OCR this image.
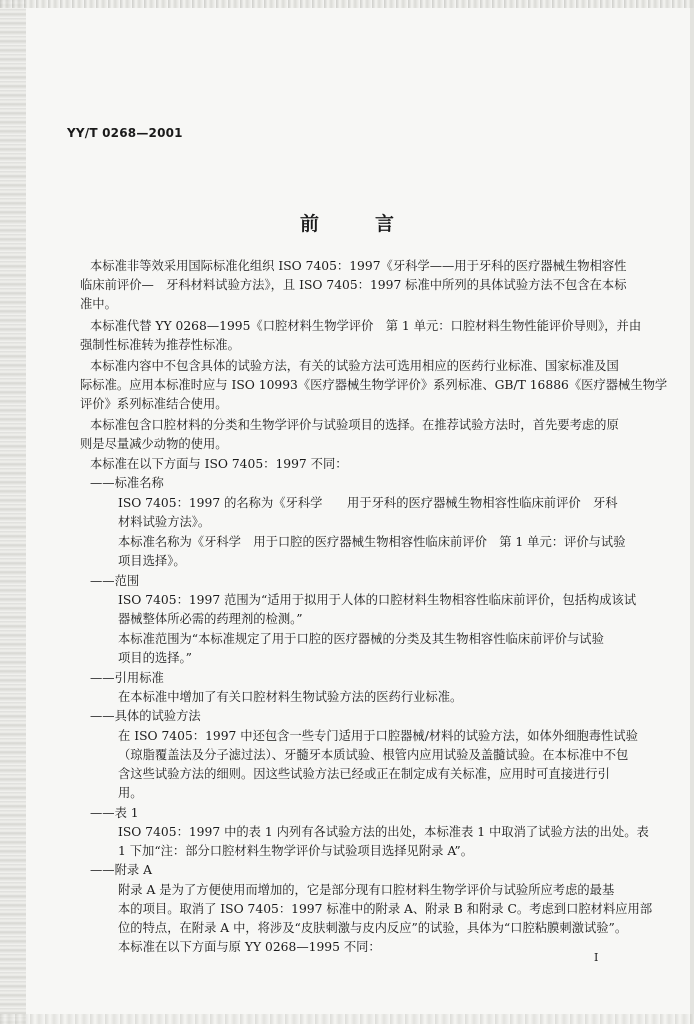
YY/T 0268—2001
前	言
本标准非等效采用国际标准化组织 ISO 7405：1997《牙科学——用于牙科的医疗器械生物相容性
临床前评价—　牙科材料试验方法》，且 ISO 7405：1997 标准中所列的具体试验方法不包含在本标
准中。
本标准代替 YY 0268—1995《口腔材料生物学评价　第 1 单元：口腔材料生物性能评价导则》，并由
强制性标准转为推荐性标准。
本标准内容中不包含具体的试验方法，有关的试验方法可选用相应的医药行业标准、国家标准及国
际标准。应用本标准时应与 ISO 10993《医疗器械生物学评价》系列标准、GB/T 16886《医疗器械生物学
评价》系列标准结合使用。
本标准包含口腔材料的分类和生物学评价与试验项目的选择。在推荐试验方法时，首先要考虑的原
则是尽量减少动物的使用。
本标准在以下方面与 ISO 7405：1997 不同：
——标准名称
ISO 7405：1997 的名称为《牙科学　　用于牙科的医疗器械生物相容性临床前评价　牙科
材料试验方法》。
本标准名称为《牙科学　用于口腔的医疗器械生物相容性临床前评价　第 1 单元：评价与试验
项目选择》。
——范围
ISO 7405：1997 范围为“适用于拟用于人体的口腔材料生物相容性临床前评价，包括构成该试
器械整体所必需的药理剂的检测。”
本标准范围为“本标准规定了用于口腔的医疗器械的分类及其生物相容性临床前评价与试验
项目的选择。”
——引用标准
在本标准中增加了有关口腔材料生物试验方法的医药行业标准。
——具体的试验方法
在 ISO 7405：1997 中还包含一些专门适用于口腔器械/材料的试验方法，如体外细胞毒性试验
（琼脂覆盖法及分子滤过法）、牙髓牙本质试验、根管内应用试验及盖髓试验。在本标准中不包
含这些试验方法的细则。因这些试验方法已经或正在制定成有关标准，应用时可直接进行引
用。
——表 1
ISO 7405：1997 中的表 1 内列有各试验方法的出处，本标准表 1 中取消了试验方法的出处。表
1 下加“注：部分口腔材料生物学评价与试验项目选择见附录 A”。
——附录 A
附录 A 是为了方便使用而增加的，它是部分现有口腔材料生物学评价与试验所应考虑的最基
本的项目。取消了 ISO 7405：1997 标准中的附录 A、附录 B 和附录 C。考虑到口腔材料应用部
位的特点，在附录 A 中，将涉及“皮肤刺激与皮内反应”的试验，具体为“口腔粘膜刺激试验”。
本标准在以下方面与原 YY 0268—1995 不同：
I
